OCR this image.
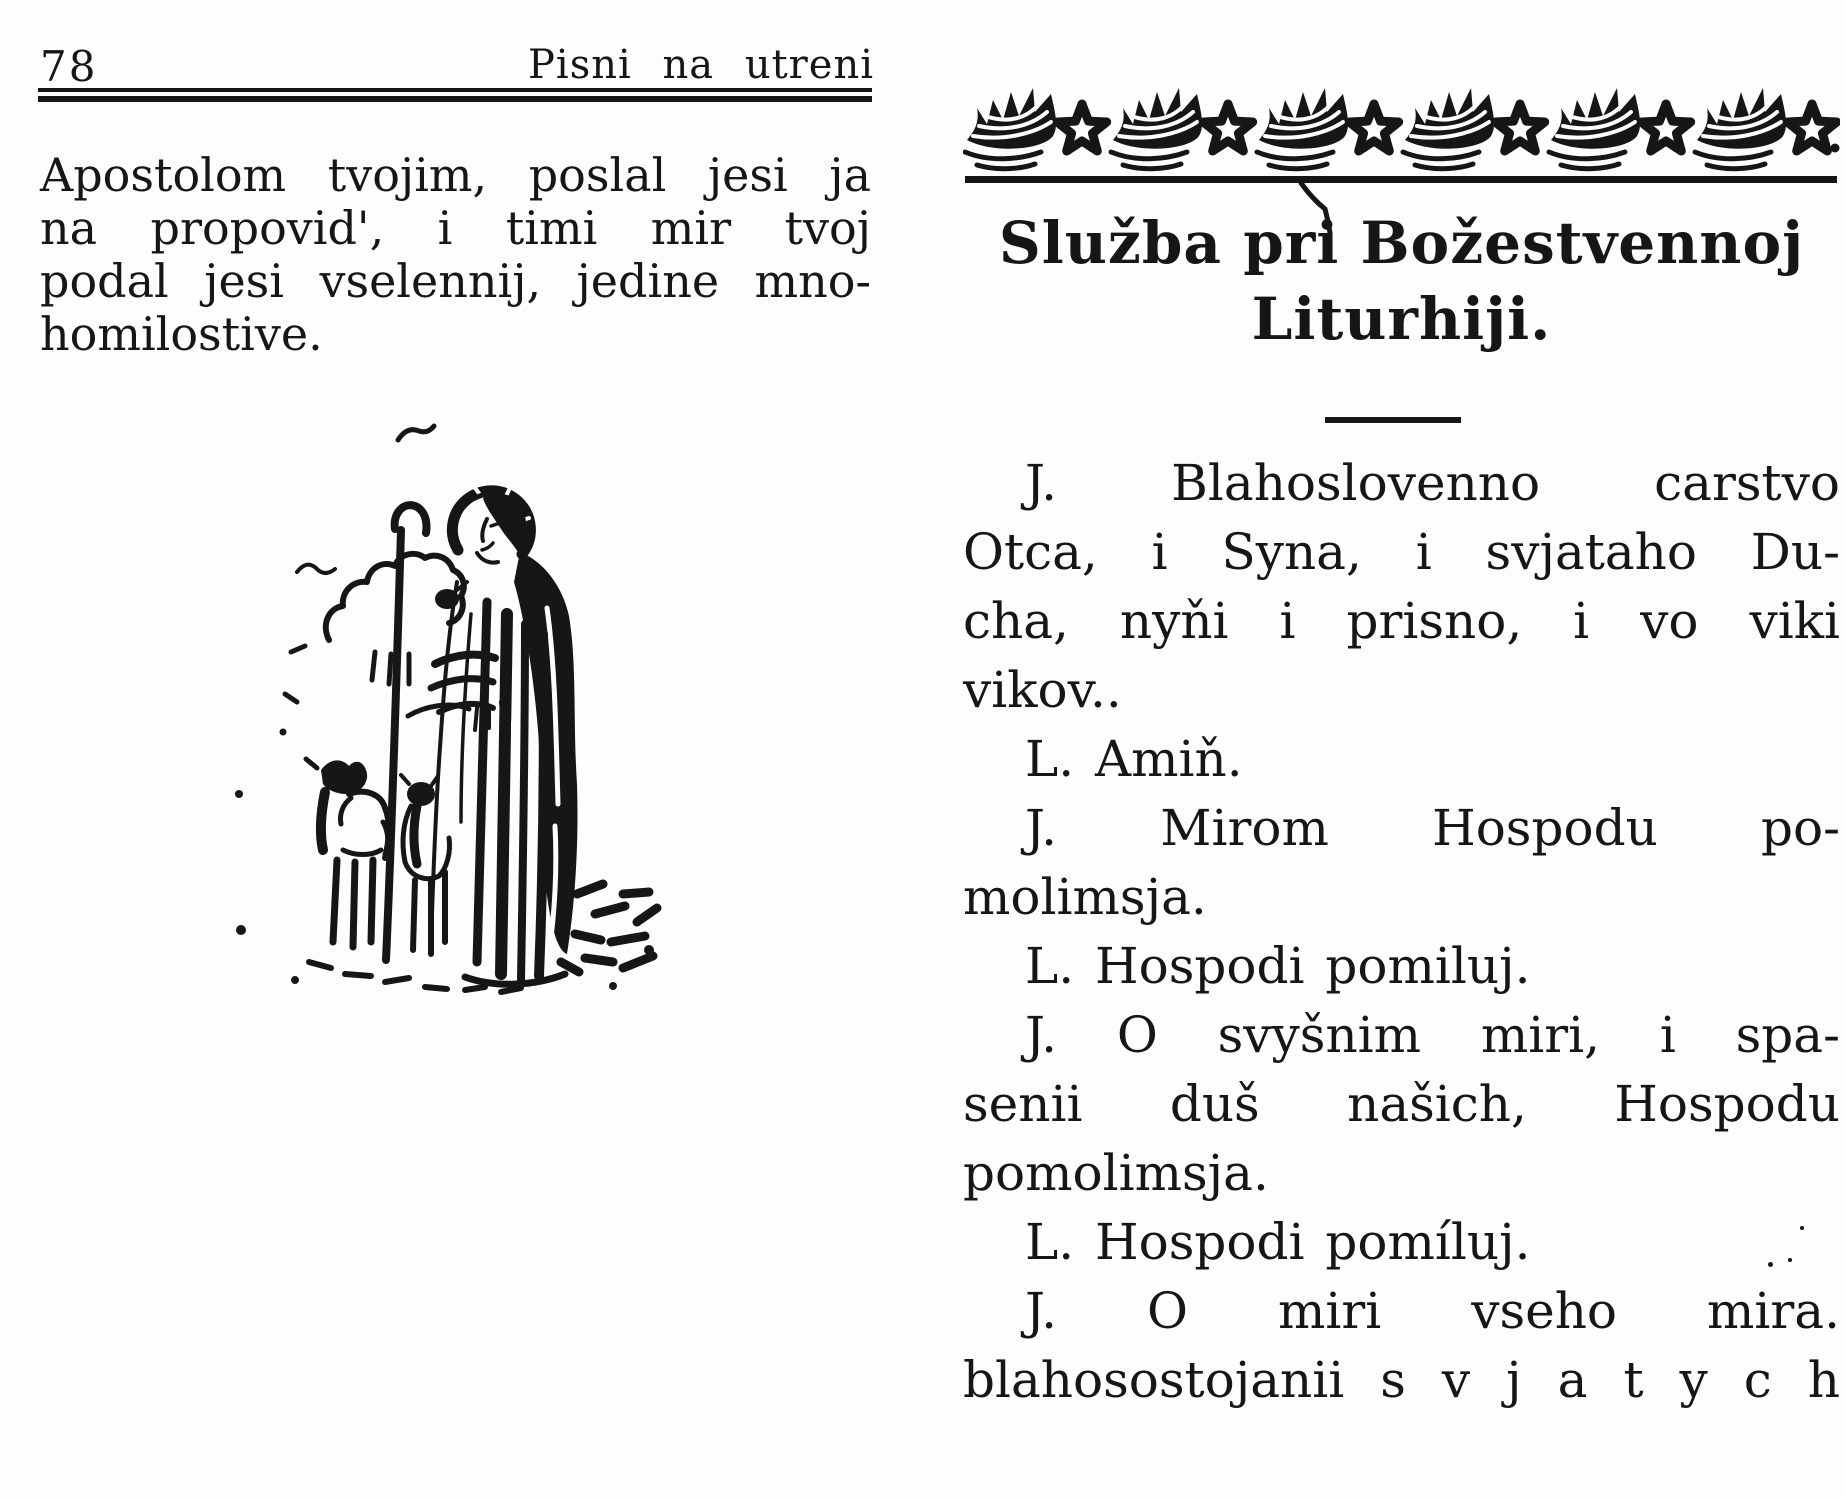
78	Pisni na utreni
Apostolom tvojim, poslal jesi ja
na propovid', i timi mir tvoj
podal jesi vselennij, jedine mno-
homilostive.
Služba pri Božestvennoj
Liturhiji.
J. Blahoslovenno carstvo
Otca, i Syna, i svjataho Du-
cha, nyňi i prisno, i vo viki
vikov..
L. Amiň.
J. Mirom Hospodu po-
molimsja.
L. Hospodi pomiluj.
J. O svyšnim miri, i spa-
senii duš našich, Hospodu
pomolimsja.
L. Hospodi pomíluj.
J. O miri vseho mira.
blahosostojanii s v j a t y c h
